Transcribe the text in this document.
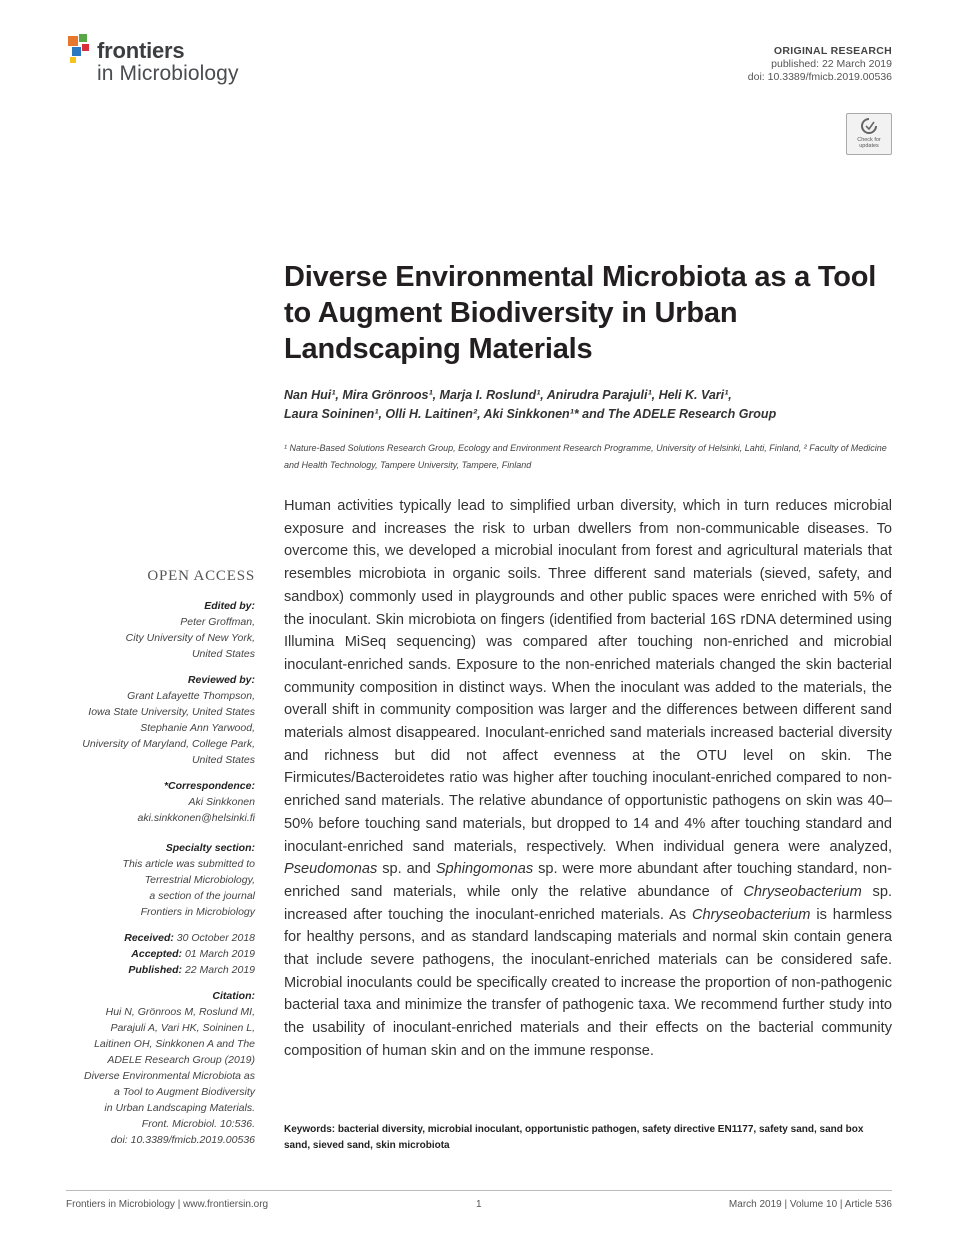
frontiers
in Microbiology
ORIGINAL RESEARCH
published: 22 March 2019
doi: 10.3389/fmicb.2019.00536
Check for updates
Diverse Environmental Microbiota as a Tool to Augment Biodiversity in Urban Landscaping Materials
Nan Hui¹, Mira Grönroos¹, Marja I. Roslund¹, Anirudra Parajuli¹, Heli K. Vari¹,
Laura Soininen¹, Olli H. Laitinen², Aki Sinkkonen¹* and The ADELE Research Group
¹ Nature-Based Solutions Research Group, Ecology and Environment Research Programme, University of Helsinki, Lahti, Finland, ² Faculty of Medicine and Health Technology, Tampere University, Tampere, Finland
OPEN ACCESS
Edited by:
Peter Groffman,
City University of New York,
United States
Reviewed by:
Grant Lafayette Thompson,
Iowa State University, United States
Stephanie Ann Yarwood,
University of Maryland, College Park,
United States
*Correspondence:
Aki Sinkkonen
aki.sinkkonen@helsinki.fi
Specialty section:
This article was submitted to
Terrestrial Microbiology,
a section of the journal
Frontiers in Microbiology
Received: 30 October 2018
Accepted: 01 March 2019
Published: 22 March 2019
Citation:
Hui N, Grönroos M, Roslund MI,
Parajuli A, Vari HK, Soininen L,
Laitinen OH, Sinkkonen A and The
ADELE Research Group (2019)
Diverse Environmental Microbiota as
a Tool to Augment Biodiversity
in Urban Landscaping Materials.
Front. Microbiol. 10:536.
doi: 10.3389/fmicb.2019.00536
Human activities typically lead to simplified urban diversity, which in turn reduces microbial exposure and increases the risk to urban dwellers from non-communicable diseases. To overcome this, we developed a microbial inoculant from forest and agricultural materials that resembles microbiota in organic soils. Three different sand materials (sieved, safety, and sandbox) commonly used in playgrounds and other public spaces were enriched with 5% of the inoculant. Skin microbiota on fingers (identified from bacterial 16S rDNA determined using Illumina MiSeq sequencing) was compared after touching non-enriched and microbial inoculant-enriched sands. Exposure to the non-enriched materials changed the skin bacterial community composition in distinct ways. When the inoculant was added to the materials, the overall shift in community composition was larger and the differences between different sand materials almost disappeared. Inoculant-enriched sand materials increased bacterial diversity and richness but did not affect evenness at the OTU level on skin. The Firmicutes/Bacteroidetes ratio was higher after touching inoculant-enriched compared to non-enriched sand materials. The relative abundance of opportunistic pathogens on skin was 40–50% before touching sand materials, but dropped to 14 and 4% after touching standard and inoculant-enriched sand materials, respectively. When individual genera were analyzed, Pseudomonas sp. and Sphingomonas sp. were more abundant after touching standard, non-enriched sand materials, while only the relative abundance of Chryseobacterium sp. increased after touching the inoculant-enriched materials. As Chryseobacterium is harmless for healthy persons, and as standard landscaping materials and normal skin contain genera that include severe pathogens, the inoculant-enriched materials can be considered safe. Microbial inoculants could be specifically created to increase the proportion of non-pathogenic bacterial taxa and minimize the transfer of pathogenic taxa. We recommend further study into the usability of inoculant-enriched materials and their effects on the bacterial community composition of human skin and on the immune response.
Keywords: bacterial diversity, microbial inoculant, opportunistic pathogen, safety directive EN1177, safety sand, sand box sand, sieved sand, skin microbiota
Frontiers in Microbiology | www.frontiersin.org	1	March 2019 | Volume 10 | Article 536
